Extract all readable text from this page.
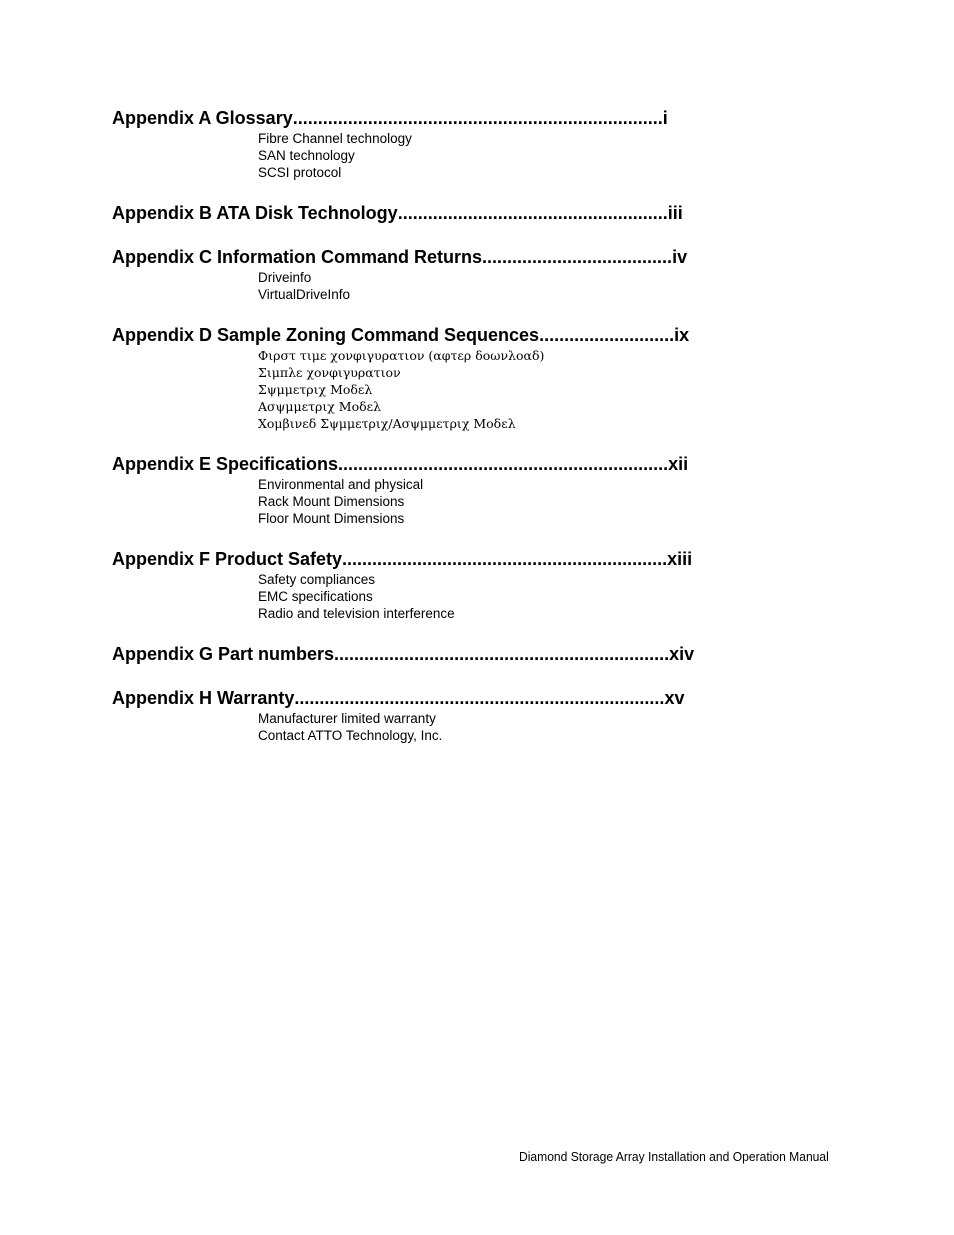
Appendix A Glossary .......................................................................... i
Fibre Channel technology
SAN technology
SCSI protocol
Appendix B ATA Disk Technology ...................................................... iii
Appendix C Information Command Returns ...................................... iv
Driveinfo
VirtualDriveInfo
Appendix D Sample Zoning Command Sequences ........................... ix
Φιρστ τιμε χονφιγυρατιον (αφτερ δοωνλοαδ)
Σιμπλε χονφιγυρατιον
Σψμμετριχ Μοδελ
Ασψμμετριχ Μοδελ
Χομβινεδ Σψμμετριχ/Ασψμμετριχ Μοδελ
Appendix E Specifications .................................................................. xii
Environmental and physical
Rack Mount Dimensions
Floor Mount Dimensions
Appendix F Product Safety ................................................................. xiii
Safety compliances
EMC specifications
Radio and television interference
Appendix G Part numbers ................................................................... xiv
Appendix H Warranty .......................................................................... xv
Manufacturer limited warranty
Contact ATTO Technology, Inc.
Diamond Storage Array Installation and Operation Manual
